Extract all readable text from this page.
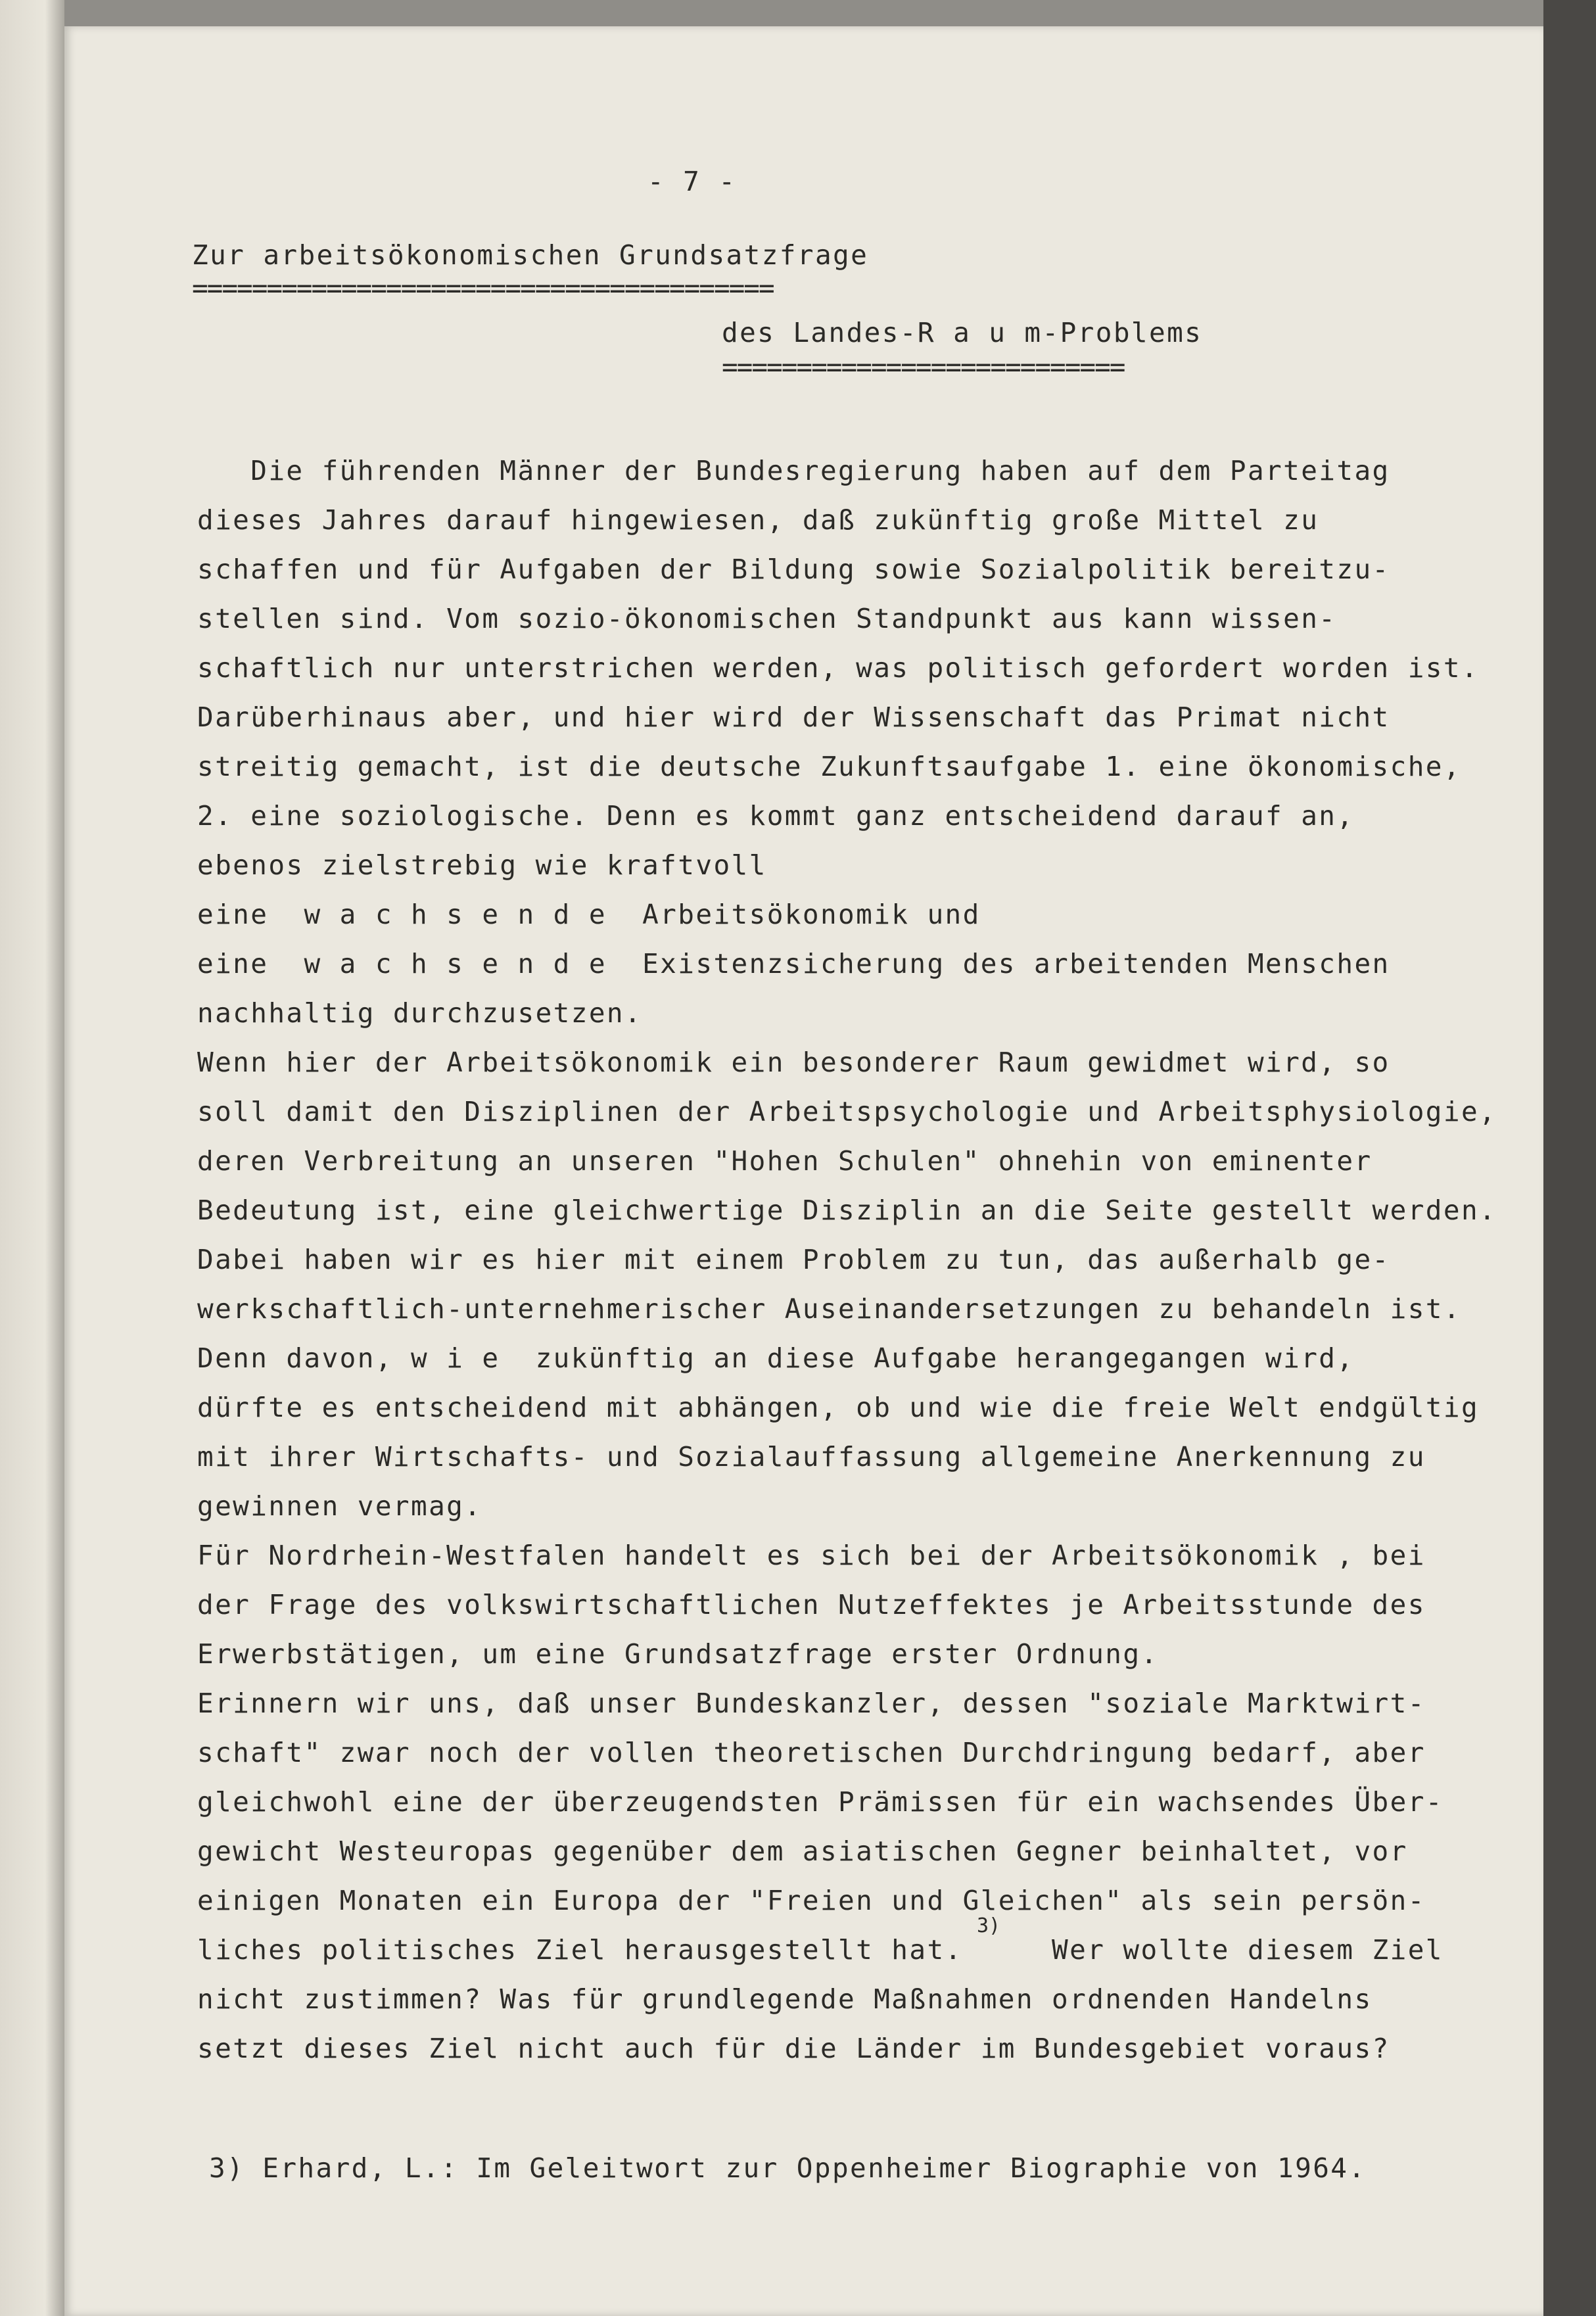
- 7 -
Zur arbeitsökonomischen Grundsatzfrage
=======================================
des Landes-R a u m-Problems
===========================
Die führenden Männer der Bundesregierung haben auf dem Parteitag
dieses Jahres darauf hingewiesen, daß zukünftig große Mittel zu
schaffen und für Aufgaben der Bildung sowie Sozialpolitik bereitzu-
stellen sind. Vom sozio-ökonomischen Standpunkt aus kann wissen-
schaftlich nur unterstrichen werden, was politisch gefordert worden ist.
Darüberhinaus aber, und hier wird der Wissenschaft das Primat nicht
streitig gemacht, ist die deutsche Zukunftsaufgabe 1. eine ökonomische,
2. eine soziologische. Denn es kommt ganz entscheidend darauf an,
ebenos zielstrebig wie kraftvoll
eine  w a c h s e n d e  Arbeitsökonomik und
eine  w a c h s e n d e  Existenzsicherung des arbeitenden Menschen
nachhaltig durchzusetzen.
Wenn hier der Arbeitsökonomik ein besonderer Raum gewidmet wird, so
soll damit den Disziplinen der Arbeitspsychologie und Arbeitsphysiologie,
deren Verbreitung an unseren "Hohen Schulen" ohnehin von eminenter
Bedeutung ist, eine gleichwertige Disziplin an die Seite gestellt werden.
Dabei haben wir es hier mit einem Problem zu tun, das außerhalb ge-
werkschaftlich-unternehmerischer Auseinandersetzungen zu behandeln ist.
Denn davon, w i e  zukünftig an diese Aufgabe herangegangen wird,
dürfte es entscheidend mit abhängen, ob und wie die freie Welt endgültig
mit ihrer Wirtschafts- und Sozialauffassung allgemeine Anerkennung zu
gewinnen vermag.
Für Nordrhein-Westfalen handelt es sich bei der Arbeitsökonomik , bei
der Frage des volkswirtschaftlichen Nutzeffektes je Arbeitsstunde des
Erwerbstätigen, um eine Grundsatzfrage erster Ordnung.
Erinnern wir uns, daß unser Bundeskanzler, dessen "soziale Marktwirt-
schaft" zwar noch der vollen theoretischen Durchdringung bedarf, aber
gleichwohl eine der überzeugendsten Prämissen für ein wachsendes Über-
gewicht Westeuropas gegenüber dem asiatischen Gegner beinhaltet, vor
einigen Monaten ein Europa der "Freien und Gleichen" als sein persön-
liches politisches Ziel herausgestellt hat.     Wer wollte diesem Ziel
nicht zustimmen? Was für grundlegende Maßnahmen ordnenden Handelns
setzt dieses Ziel nicht auch für die Länder im Bundesgebiet voraus?
3)
3) Erhard, L.: Im Geleitwort zur Oppenheimer Biographie von 1964.
